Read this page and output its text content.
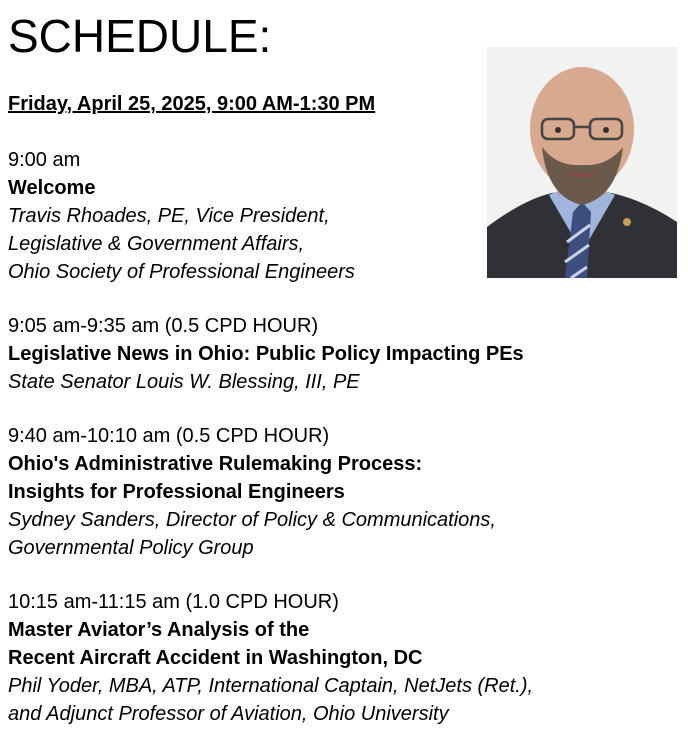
SCHEDULE:
Friday, April 25, 2025, 9:00 AM-1:30 PM
9:00 am
Welcome
Travis Rhoades, PE, Vice President,
Legislative & Government Affairs,
Ohio Society of Professional Engineers
9:05 am-9:35 am (0.5 CPD HOUR)
Legislative News in Ohio: Public Policy Impacting PEs
State Senator Louis W. Blessing, III, PE
9:40 am-10:10 am (0.5 CPD HOUR)
Ohio's Administrative Rulemaking Process:
Insights for Professional Engineers
Sydney Sanders, Director of Policy & Communications,
Governmental Policy Group
10:15 am-11:15 am (1.0 CPD HOUR)
Master Aviator’s Analysis of the
Recent Aircraft Accident in Washington, DC
Phil Yoder, MBA, ATP, International Captain, NetJets (Ret.),
and Adjunct Professor of Aviation, Ohio University
